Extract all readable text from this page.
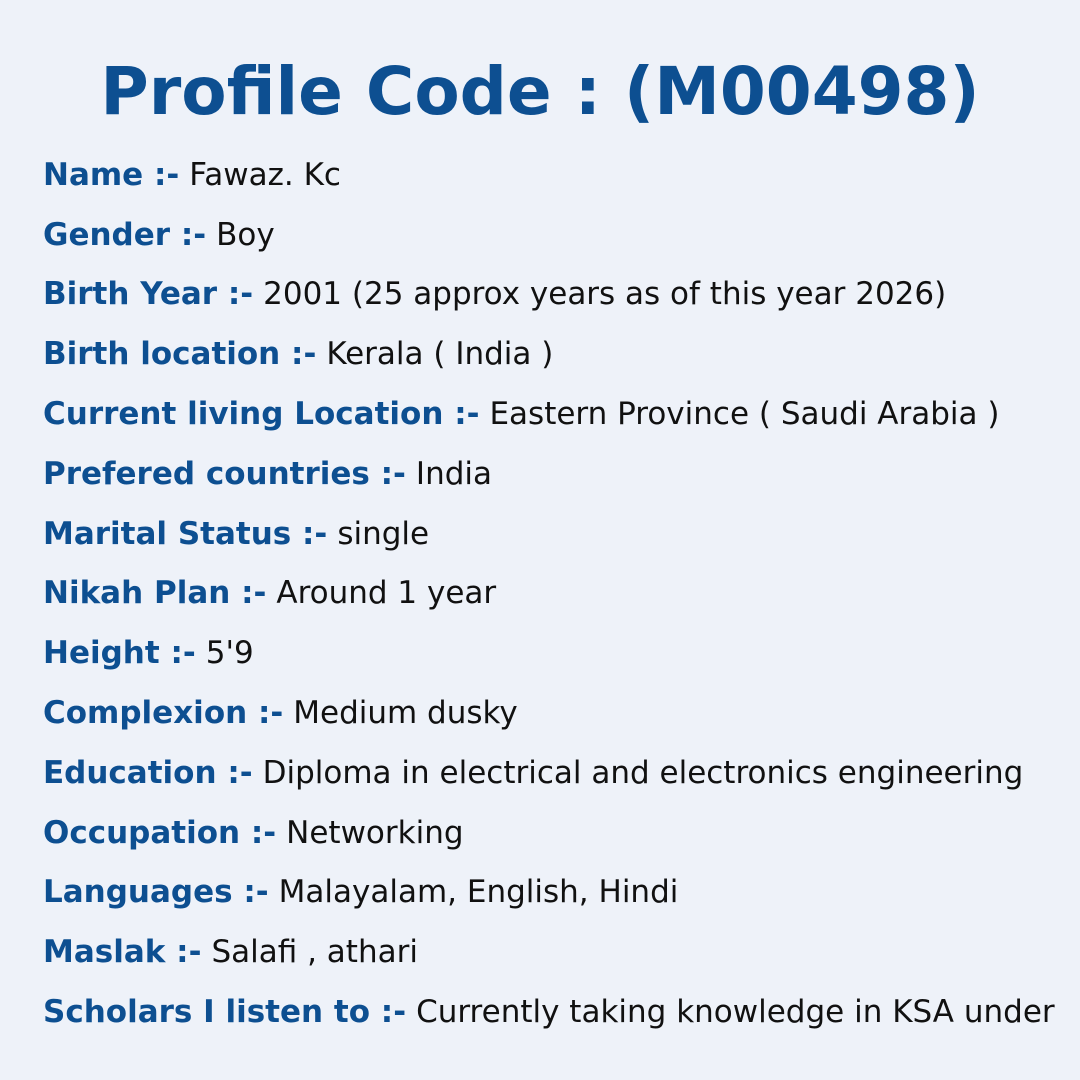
Profile Code : (M00498)
Name :- Fawaz. Kc
Gender :- Boy
Birth Year :- 2001 (25 approx years as of this year 2026)
Birth location :- Kerala ( India )
Current living Location :- Eastern Province ( Saudi Arabia )
Prefered countries :- India
Marital Status :- single
Nikah Plan :- Around 1 year
Height :- 5'9
Complexion :- Medium dusky
Education :- Diploma in electrical and electronics engineering
Occupation :- Networking
Languages :- Malayalam, English, Hindi
Maslak :- Salafi , athari
Scholars I listen to :- Currently taking knowledge in KSA under
